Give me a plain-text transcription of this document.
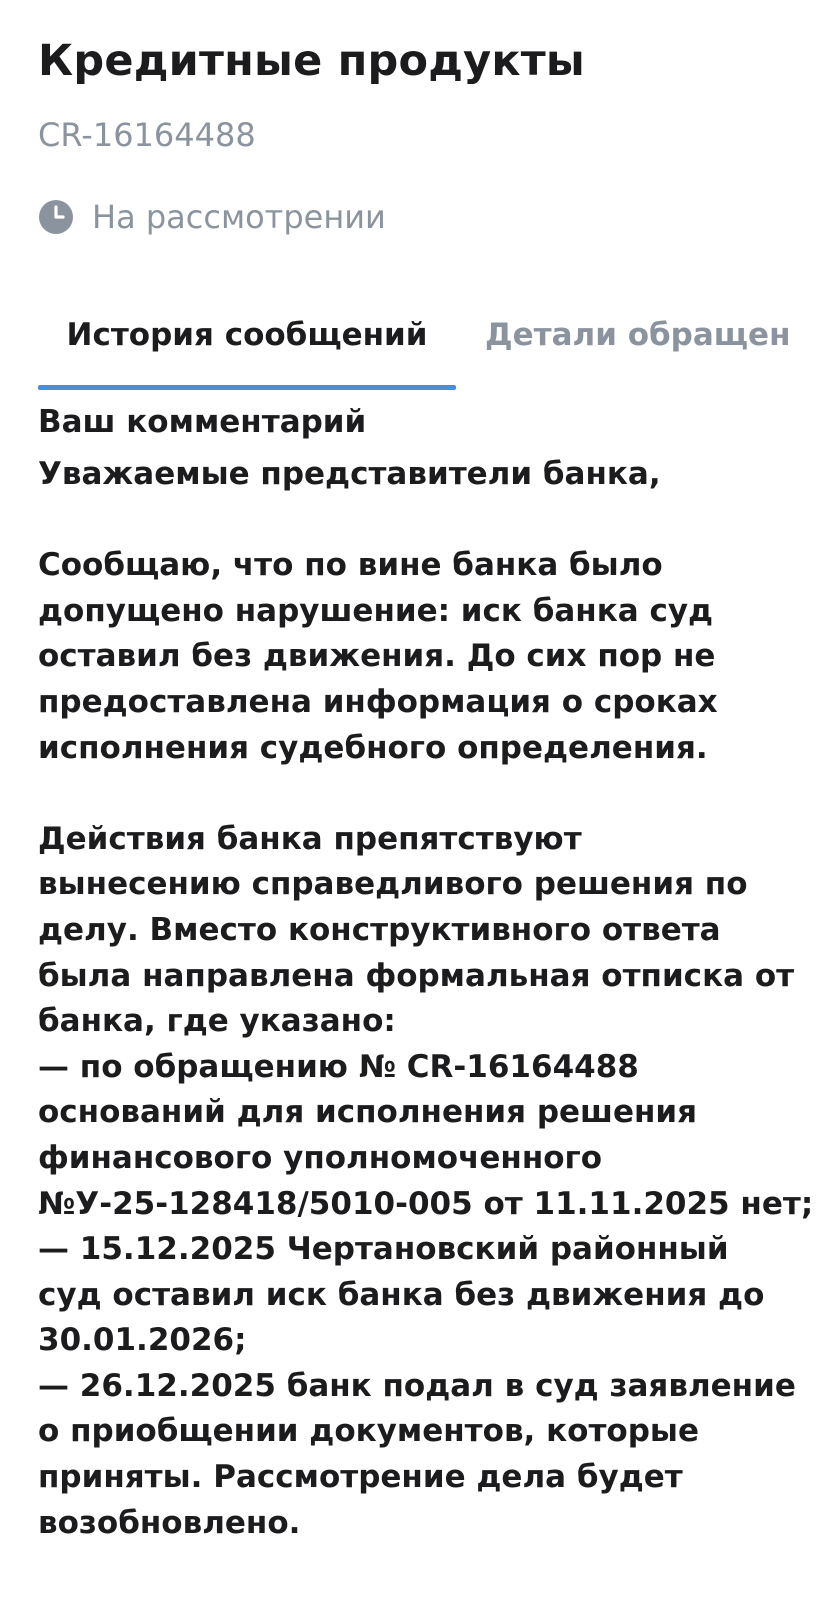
Кредитные продукты
CR-16164488
На рассмотрении
История сообщений	Детали обращен
Ваш комментарий

Уважаемые представители банка,

Сообщаю, что по вине банка было

допущено нарушение: иск банка суд

оставил без движения. До сих пор не

предоставлена информация о сроках

исполнения судебного определения.

Действия банка препятствуют

вынесению справедливого решения по

делу. Вместо конструктивного ответа

была направлена формальная отписка от

банка, где указано:

— по обращению № CR-16164488

оснований для исполнения решения

финансового уполномоченного

№У-25-128418/5010-005 от 11.11.2025 нет;

— 15.12.2025 Чертановский районный

суд оставил иск банка без движения до

30.01.2026;

— 26.12.2025 банк подал в суд заявление

о приобщении документов, которые

приняты. Рассмотрение дела будет

возобновлено.
